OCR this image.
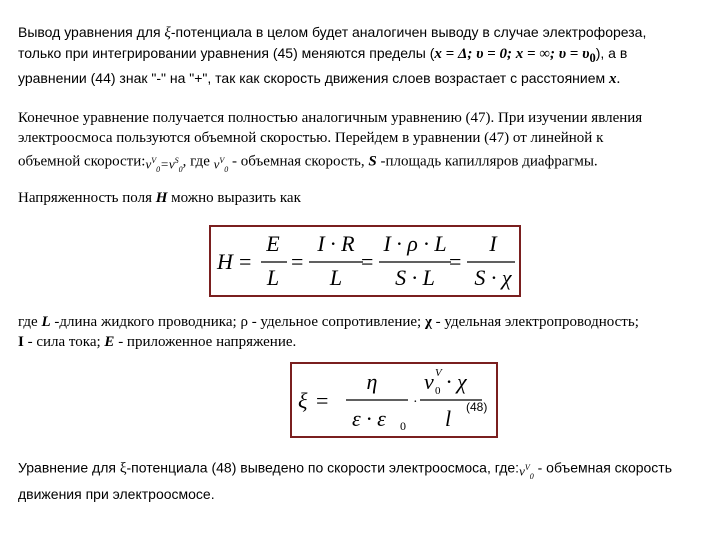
Вывод уравнения для ξ-потенциала в целом будет аналогичен выводу в случае электрофореза,
только при интегрировании уравнения (45) меняются пределы (x = Δ; υ = 0; x = ∞; $\upsilon = \upsilon_0$), а в
уравнении (44) знак "-" на "+", так как скорость движения слоев возрастает с расстоянием x.
Конечное уравнение получается полностью аналогичным уравнению (47). При изучении явления
электроосмоса пользуются объемной скоростью. Перейдем в уравнении (47) от линейной к
объемной $скорости:v^V_0=v^S_0$, где $v^V_0$ - объемная скорость, S -площадь капилляров диафрагмы.
Напряженность поля H можно выразить как
H =
E
L
=
I · R
L
=
I · ρ · L
S · L
=
I
S · χ
где L -длина жидкого проводника; ρ - удельное сопротивление; χ - удельная электропроводность;
I - сила тока; E - приложенное напряжение.
ξ =
η
ε · ε 0
·
v V
0 · χ
l (48)
Уравнение для ξ-потенциала (48) выведено по скорости электроосмоса, $где:v^V_0$ - объемная скорость
движения при электроосмосе.
